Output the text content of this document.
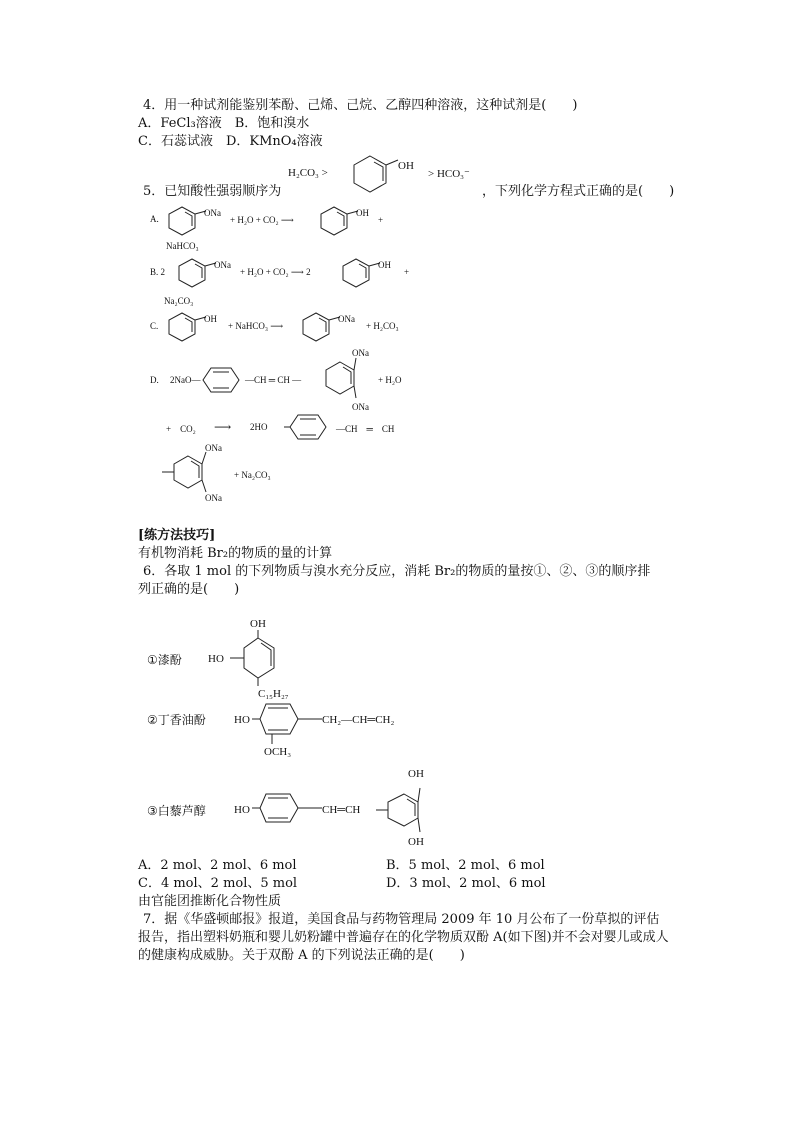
4．用一种试剂能鉴别苯酚、己烯、己烷、乙醇四种溶液，这种试剂是(　　)
A．FeCl₃溶液　B．饱和溴水
C．石蕊试液　D．KMnO₄溶液
H₂CO₃ >
OH
> HCO₃⁻
5．已知酸性强弱顺序为	，下列化学方程式正确的是(　　)
A.
ONa
+ H₂O + CO₂ ⟶
OH
+
NaHCO₃
B. 2
ONa
+ H₂O + CO₂ ⟶ 2
OH
+
Na₂CO₃
C.
OH
+ NaHCO₃ ⟶
ONa
+ H₂CO₃
D. 2NaO—	—CH ═ CH —
ONa
ONa
+ H₂O
+　CO₂ ⟶ 2HO	—CH　═　CH
ONa
ONa
+ Na₂CO₃
[练方法技巧]
有机物消耗 Br₂的物质的量的计算
6．各取 1 mol 的下列物质与溴水充分反应，消耗 Br₂的物质的量按①、②、③的顺序排
列正确的是(　　)
①漆酚
OH
HO
C₁₅H₂₇
②丁香油酚	HO	CH₂—CH═CH₂
OCH₃
③白藜芦醇	HO	CH═CH
OH
OH
A．2 mol、2 mol、6 mol	B．5 mol、2 mol、6 mol
C．4 mol、2 mol、5 mol	D．3 mol、2 mol、6 mol
由官能团推断化合物性质
7．据《华盛顿邮报》报道，美国食品与药物管理局 2009 年 10 月公布了一份草拟的评估
报告，指出塑料奶瓶和婴儿奶粉罐中普遍存在的化学物质双酚 A(如下图)并不会对婴儿或成人
的健康构成威胁。关于双酚 A 的下列说法正确的是(　　)
